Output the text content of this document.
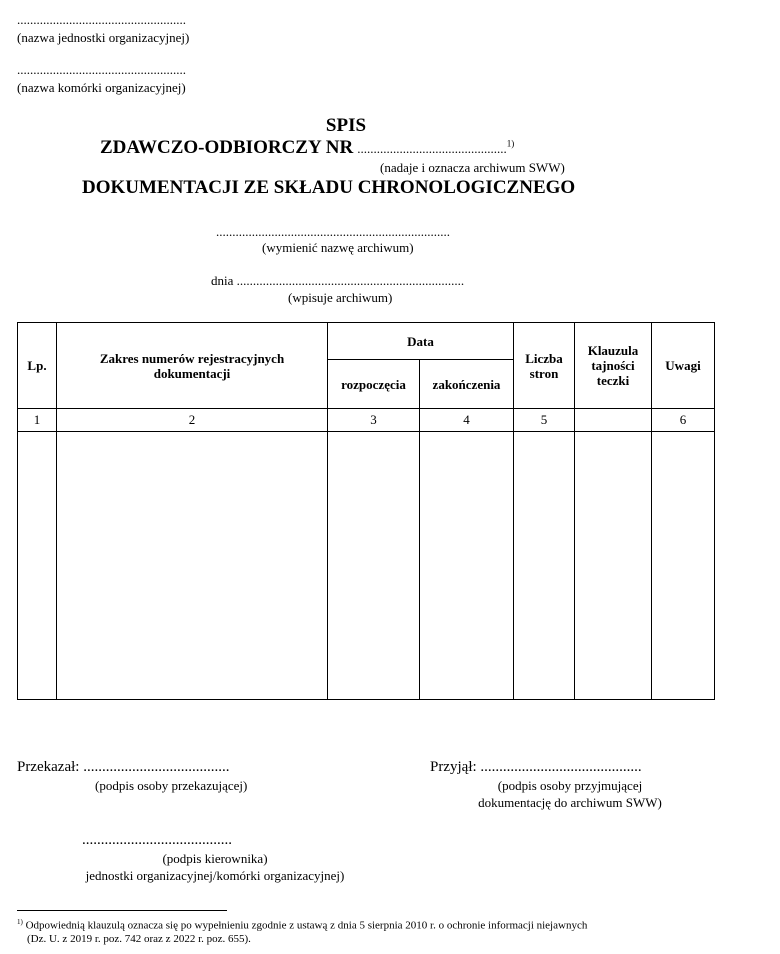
....................................................
(nazwa jednostki organizacyjnej)
....................................................
(nazwa komórki organizacyjnej)
SPIS
ZDAWCZO-ODBIORCZY NR ..............................................$^{1)}$
(nadaje i oznacza archiwum SWW)
DOKUMENTACJI ZE SKŁADU CHRONOLOGICZNEGO
........................................................................
(wymienić nazwę archiwum)
dnia ......................................................................
(wpisuje archiwum)
Lp.	Zakres numerów rejestracyjnych dokumentacji	Data		Liczba stron	Klauzula tajności teczki	Uwagi
		rozpoczęcia	zakończenia			
1	2	3	4	5		6

Przekazał: .......................................
(podpis osoby przekazującej)
Przyjął: ...........................................
(podpis osoby przyjmującej
dokumentację do archiwum SWW)
........................................
(podpis kierownika)
jednostki organizacyjnej/komórki organizacyjnej)
$^{1)}$ Odpowiednią klauzulą oznacza się po wypełnieniu zgodnie z ustawą z dnia 5 sierpnia 2010 r. o ochronie informacji niejawnych
(Dz. U. z 2019 r. poz. 742 oraz z 2022 r. poz. 655).
